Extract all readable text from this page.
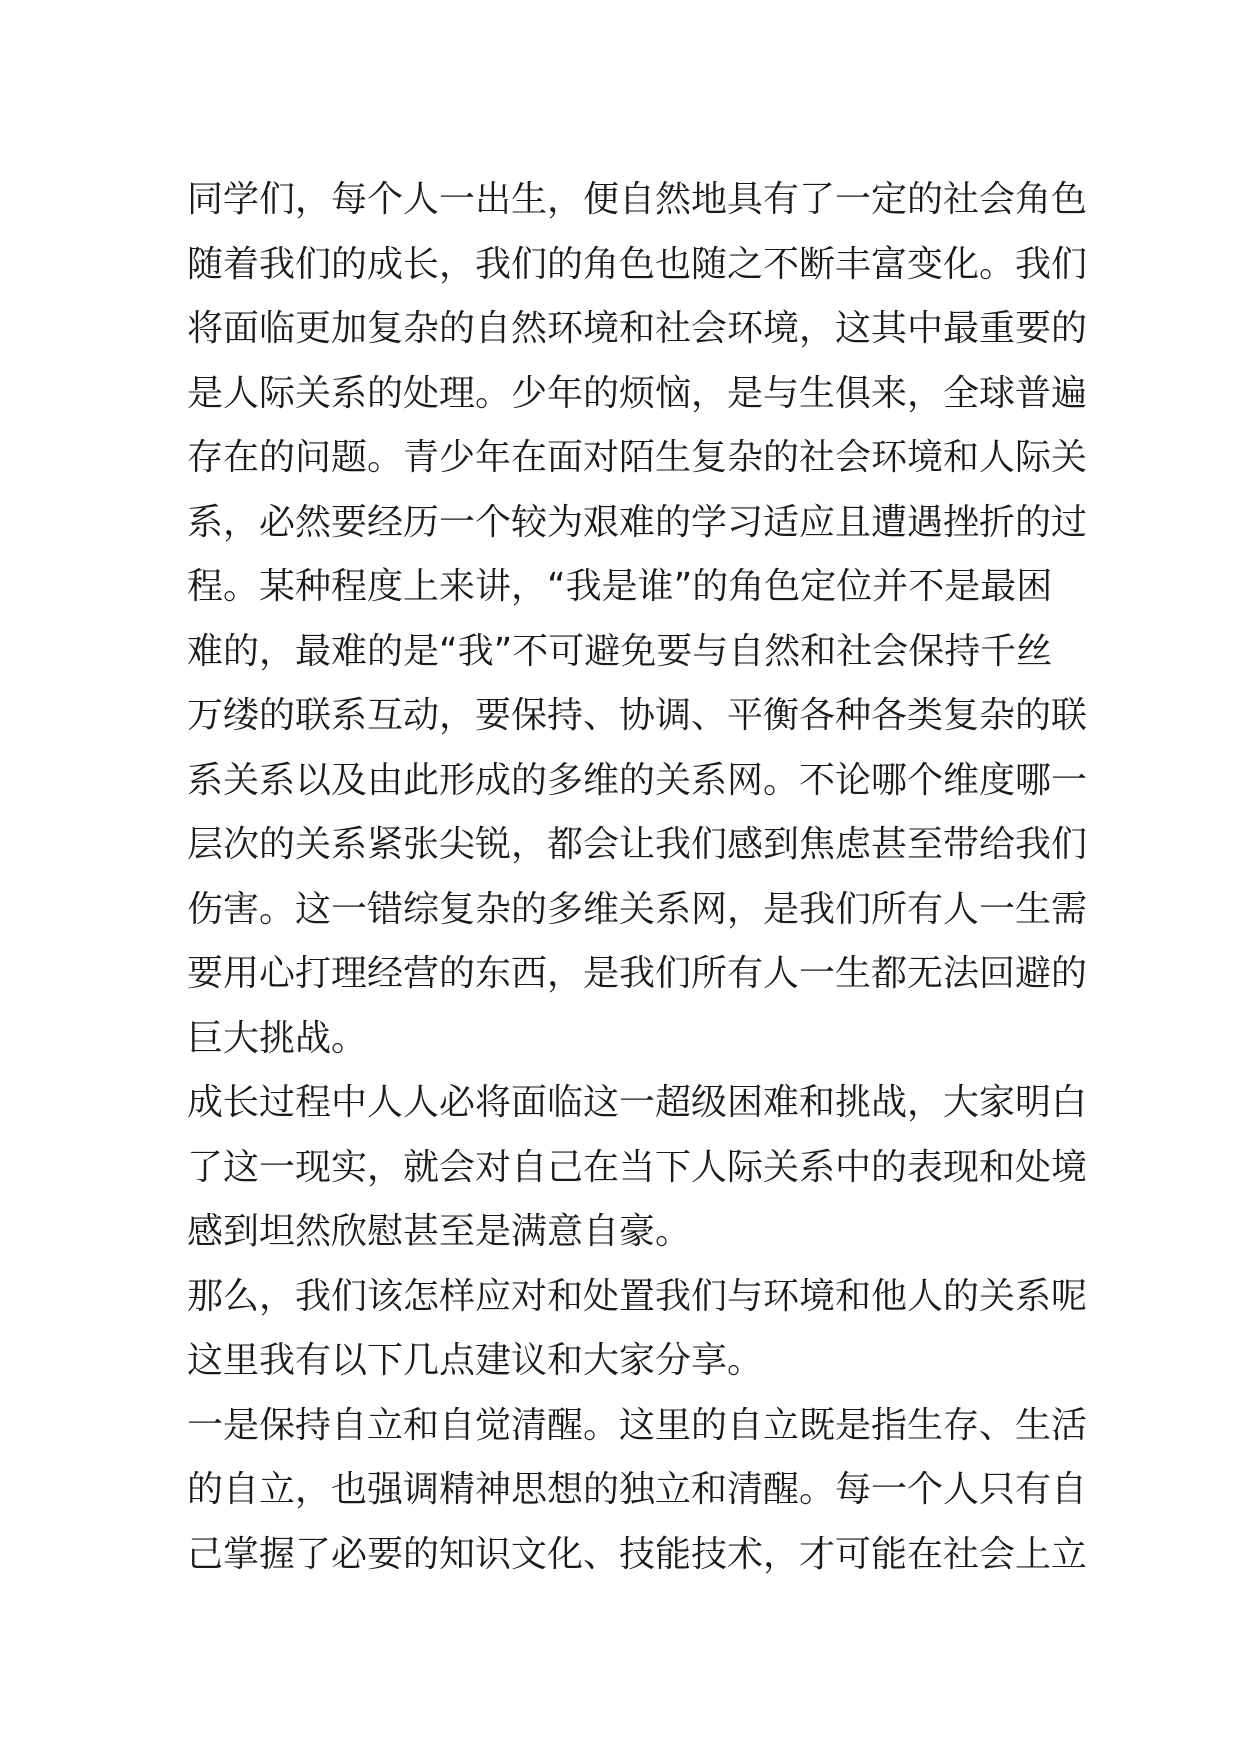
同学们，每个人一出生，便自然地具有了一定的社会角色
随着我们的成长，我们的角色也随之不断丰富变化。我们
将面临更加复杂的自然环境和社会环境，这其中最重要的
是人际关系的处理。少年的烦恼，是与生俱来，全球普遍
存在的问题。青少年在面对陌生复杂的社会环境和人际关
系，必然要经历一个较为艰难的学习适应且遭遇挫折的过
程。某种程度上来讲，“我是谁”的角色定位并不是最困
难的，最难的是“我”不可避免要与自然和社会保持千丝
万缕的联系互动，要保持、协调、平衡各种各类复杂的联
系关系以及由此形成的多维的关系网。不论哪个维度哪一
层次的关系紧张尖锐，都会让我们感到焦虑甚至带给我们
伤害。这一错综复杂的多维关系网，是我们所有人一生需
要用心打理经营的东西，是我们所有人一生都无法回避的
巨大挑战。
成长过程中人人必将面临这一超级困难和挑战，大家明白
了这一现实，就会对自己在当下人际关系中的表现和处境
感到坦然欣慰甚至是满意自豪。
那么，我们该怎样应对和处置我们与环境和他人的关系呢
这里我有以下几点建议和大家分享。
一是保持自立和自觉清醒。这里的自立既是指生存、生活
的自立，也强调精神思想的独立和清醒。每一个人只有自
己掌握了必要的知识文化、技能技术，才可能在社会上立
